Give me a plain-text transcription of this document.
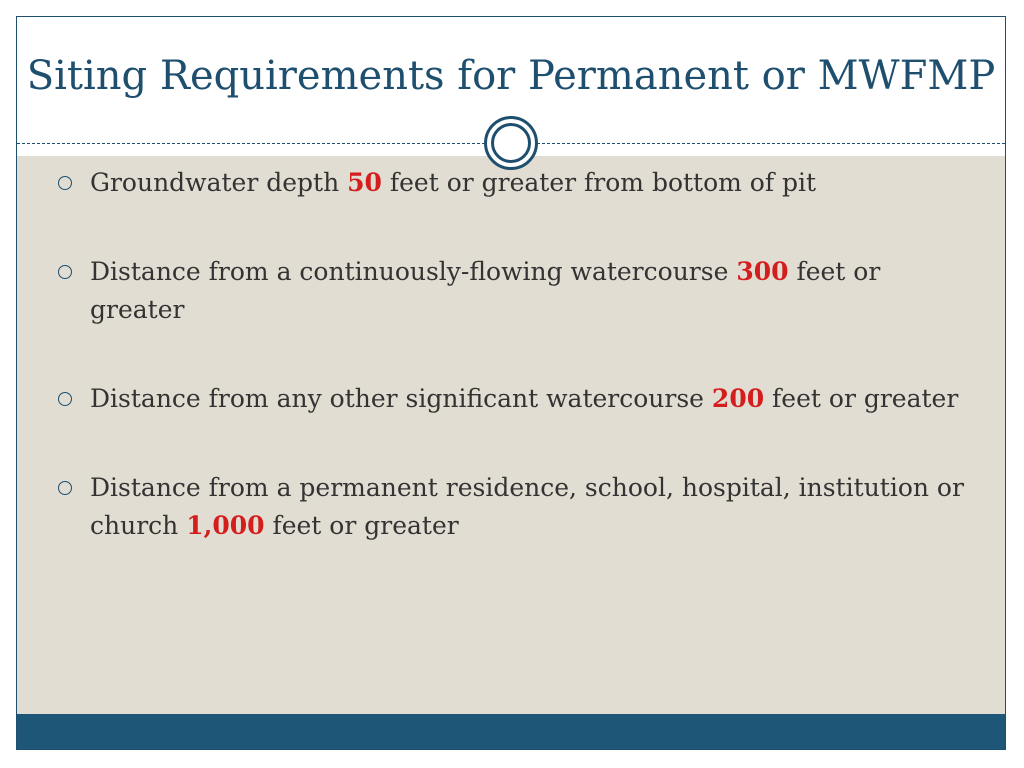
Siting Requirements for Permanent or MWFMP
Groundwater depth 50 feet or greater from bottom of pit
Distance from a continuously-flowing watercourse 300 feet or greater
Distance from any other significant watercourse 200 feet or greater
Distance from a permanent residence, school, hospital, institution or church 1,000 feet or greater
